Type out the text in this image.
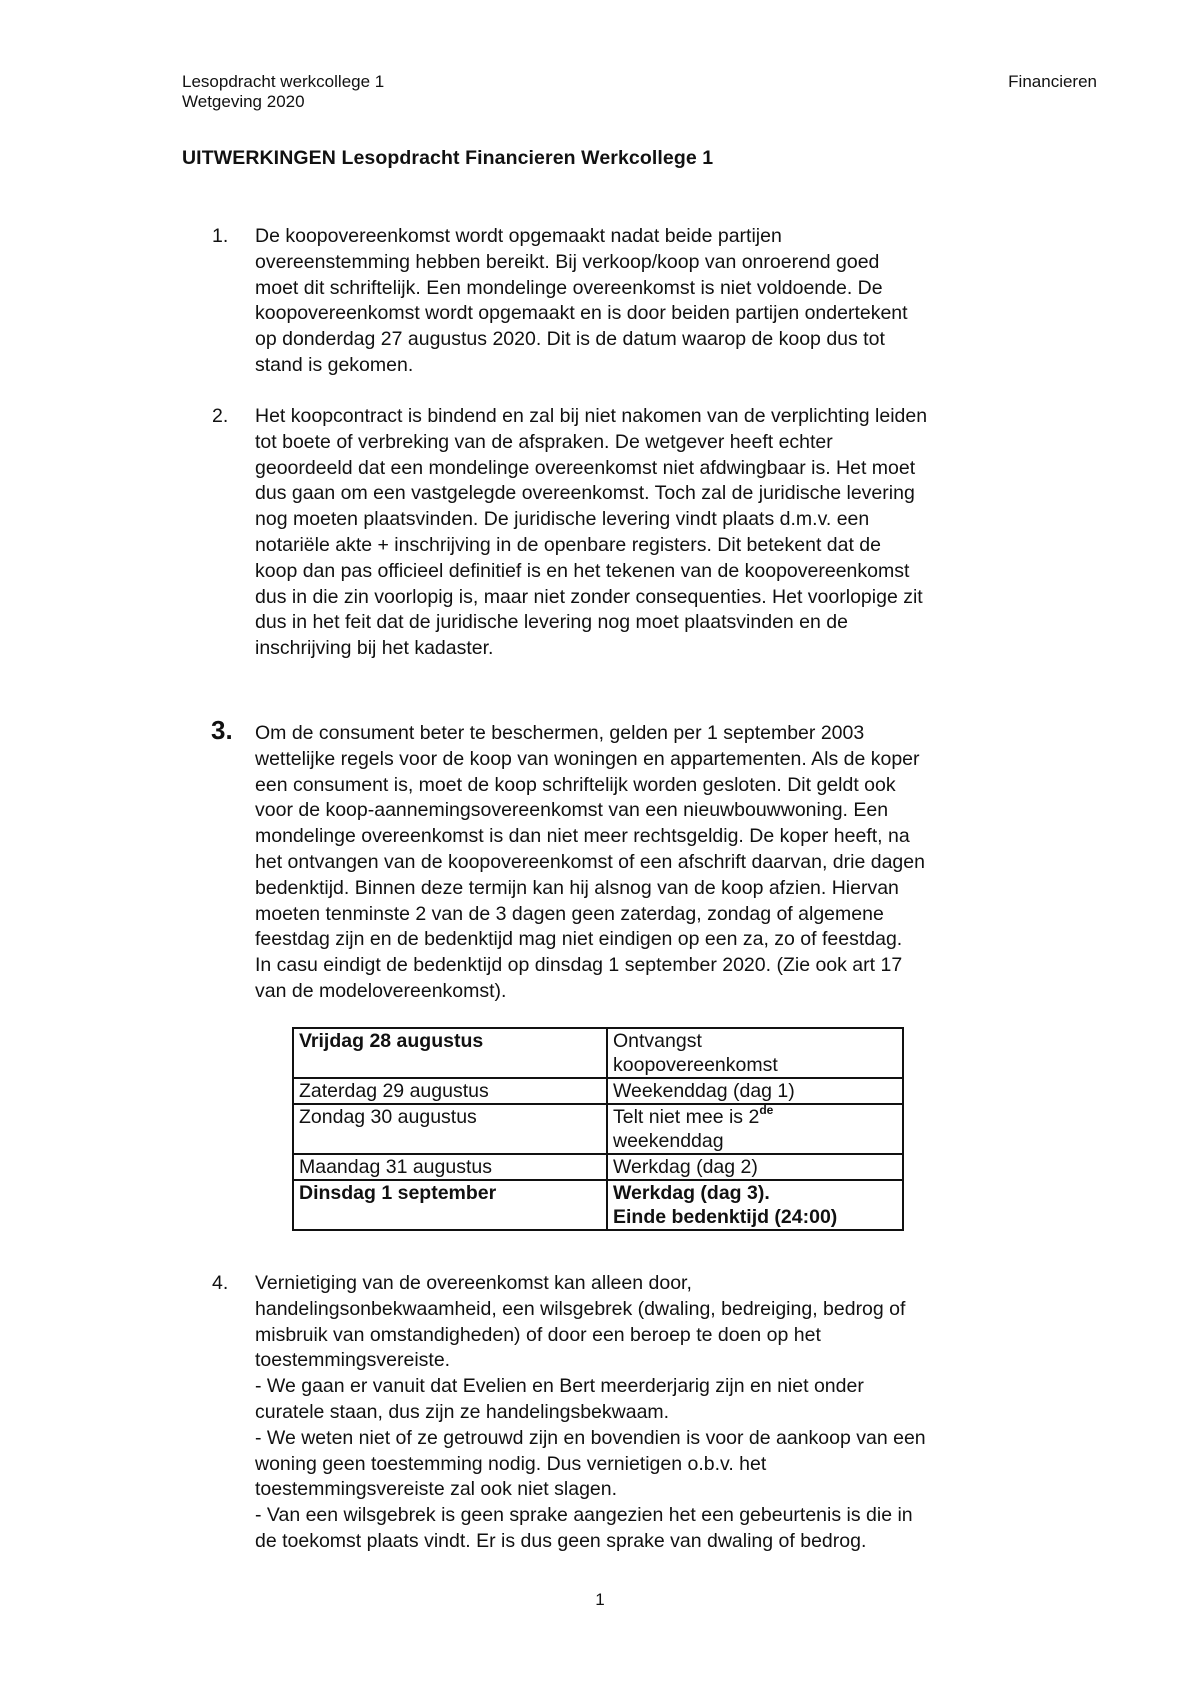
Lesopdracht werkcollege 1
Wetgeving 2020
Financieren
UITWERKINGEN Lesopdracht Financieren Werkcollege 1
1. De koopovereenkomst wordt opgemaakt nadat beide partijen
overeenstemming hebben bereikt. Bij verkoop/koop van onroerend goed
moet dit schriftelijk. Een mondelinge overeenkomst is niet voldoende. De
koopovereenkomst wordt opgemaakt en is door beiden partijen ondertekent
op donderdag 27 augustus 2020. Dit is de datum waarop de koop dus tot
stand is gekomen.
2. Het koopcontract is bindend en zal bij niet nakomen van de verplichting leiden
tot boete of verbreking van de afspraken. De wetgever heeft echter
geoordeeld dat een mondelinge overeenkomst niet afdwingbaar is. Het moet
dus gaan om een vastgelegde overeenkomst. Toch zal de juridische levering
nog moeten plaatsvinden. De juridische levering vindt plaats d.m.v. een
notariële akte + inschrijving in de openbare registers. Dit betekent dat de
koop dan pas officieel definitief is en het tekenen van de koopovereenkomst
dus in die zin voorlopig is, maar niet zonder consequenties. Het voorlopige zit
dus in het feit dat de juridische levering nog moet plaatsvinden en de
inschrijving bij het kadaster.
3. Om de consument beter te beschermen, gelden per 1 september 2003
wettelijke regels voor de koop van woningen en appartementen. Als de koper
een consument is, moet de koop schriftelijk worden gesloten. Dit geldt ook
voor de koop-aannemingsovereenkomst van een nieuwbouwwoning. Een
mondelinge overeenkomst is dan niet meer rechtsgeldig. De koper heeft, na
het ontvangen van de koopovereenkomst of een afschrift daarvan, drie dagen
bedenktijd. Binnen deze termijn kan hij alsnog van de koop afzien. Hiervan
moeten tenminste 2 van de 3 dagen geen zaterdag, zondag of algemene
feestdag zijn en de bedenktijd mag niet eindigen op een za, zo of feestdag.
In casu eindigt de bedenktijd op dinsdag 1 september 2020. (Zie ook art 17
van de modelovereenkomst).
Vrijdag 28 augustus	Ontvangst
koopovereenkomst

Zaterdag 29 augustus	Weekenddag (dag 1)
Zondag 30 augustus	Telt niet mee is 2de
weekenddag

Maandag 31 augustus	Werkdag (dag 2)
Dinsdag 1 september	Werkdag (dag 3).
Einde bedenktijd (24:00)
4. Vernietiging van de overeenkomst kan alleen door,
handelingsonbekwaamheid, een wilsgebrek (dwaling, bedreiging, bedrog of
misbruik van omstandigheden) of door een beroep te doen op het
toestemmingsvereiste.
- We gaan er vanuit dat Evelien en Bert meerderjarig zijn en niet onder
curatele staan, dus zijn ze handelingsbekwaam.
- We weten niet of ze getrouwd zijn en bovendien is voor de aankoop van een
woning geen toestemming nodig. Dus vernietigen o.b.v. het
toestemmingsvereiste zal ook niet slagen.
- Van een wilsgebrek is geen sprake aangezien het een gebeurtenis is die in
de toekomst plaats vindt. Er is dus geen sprake van dwaling of bedrog.
1
